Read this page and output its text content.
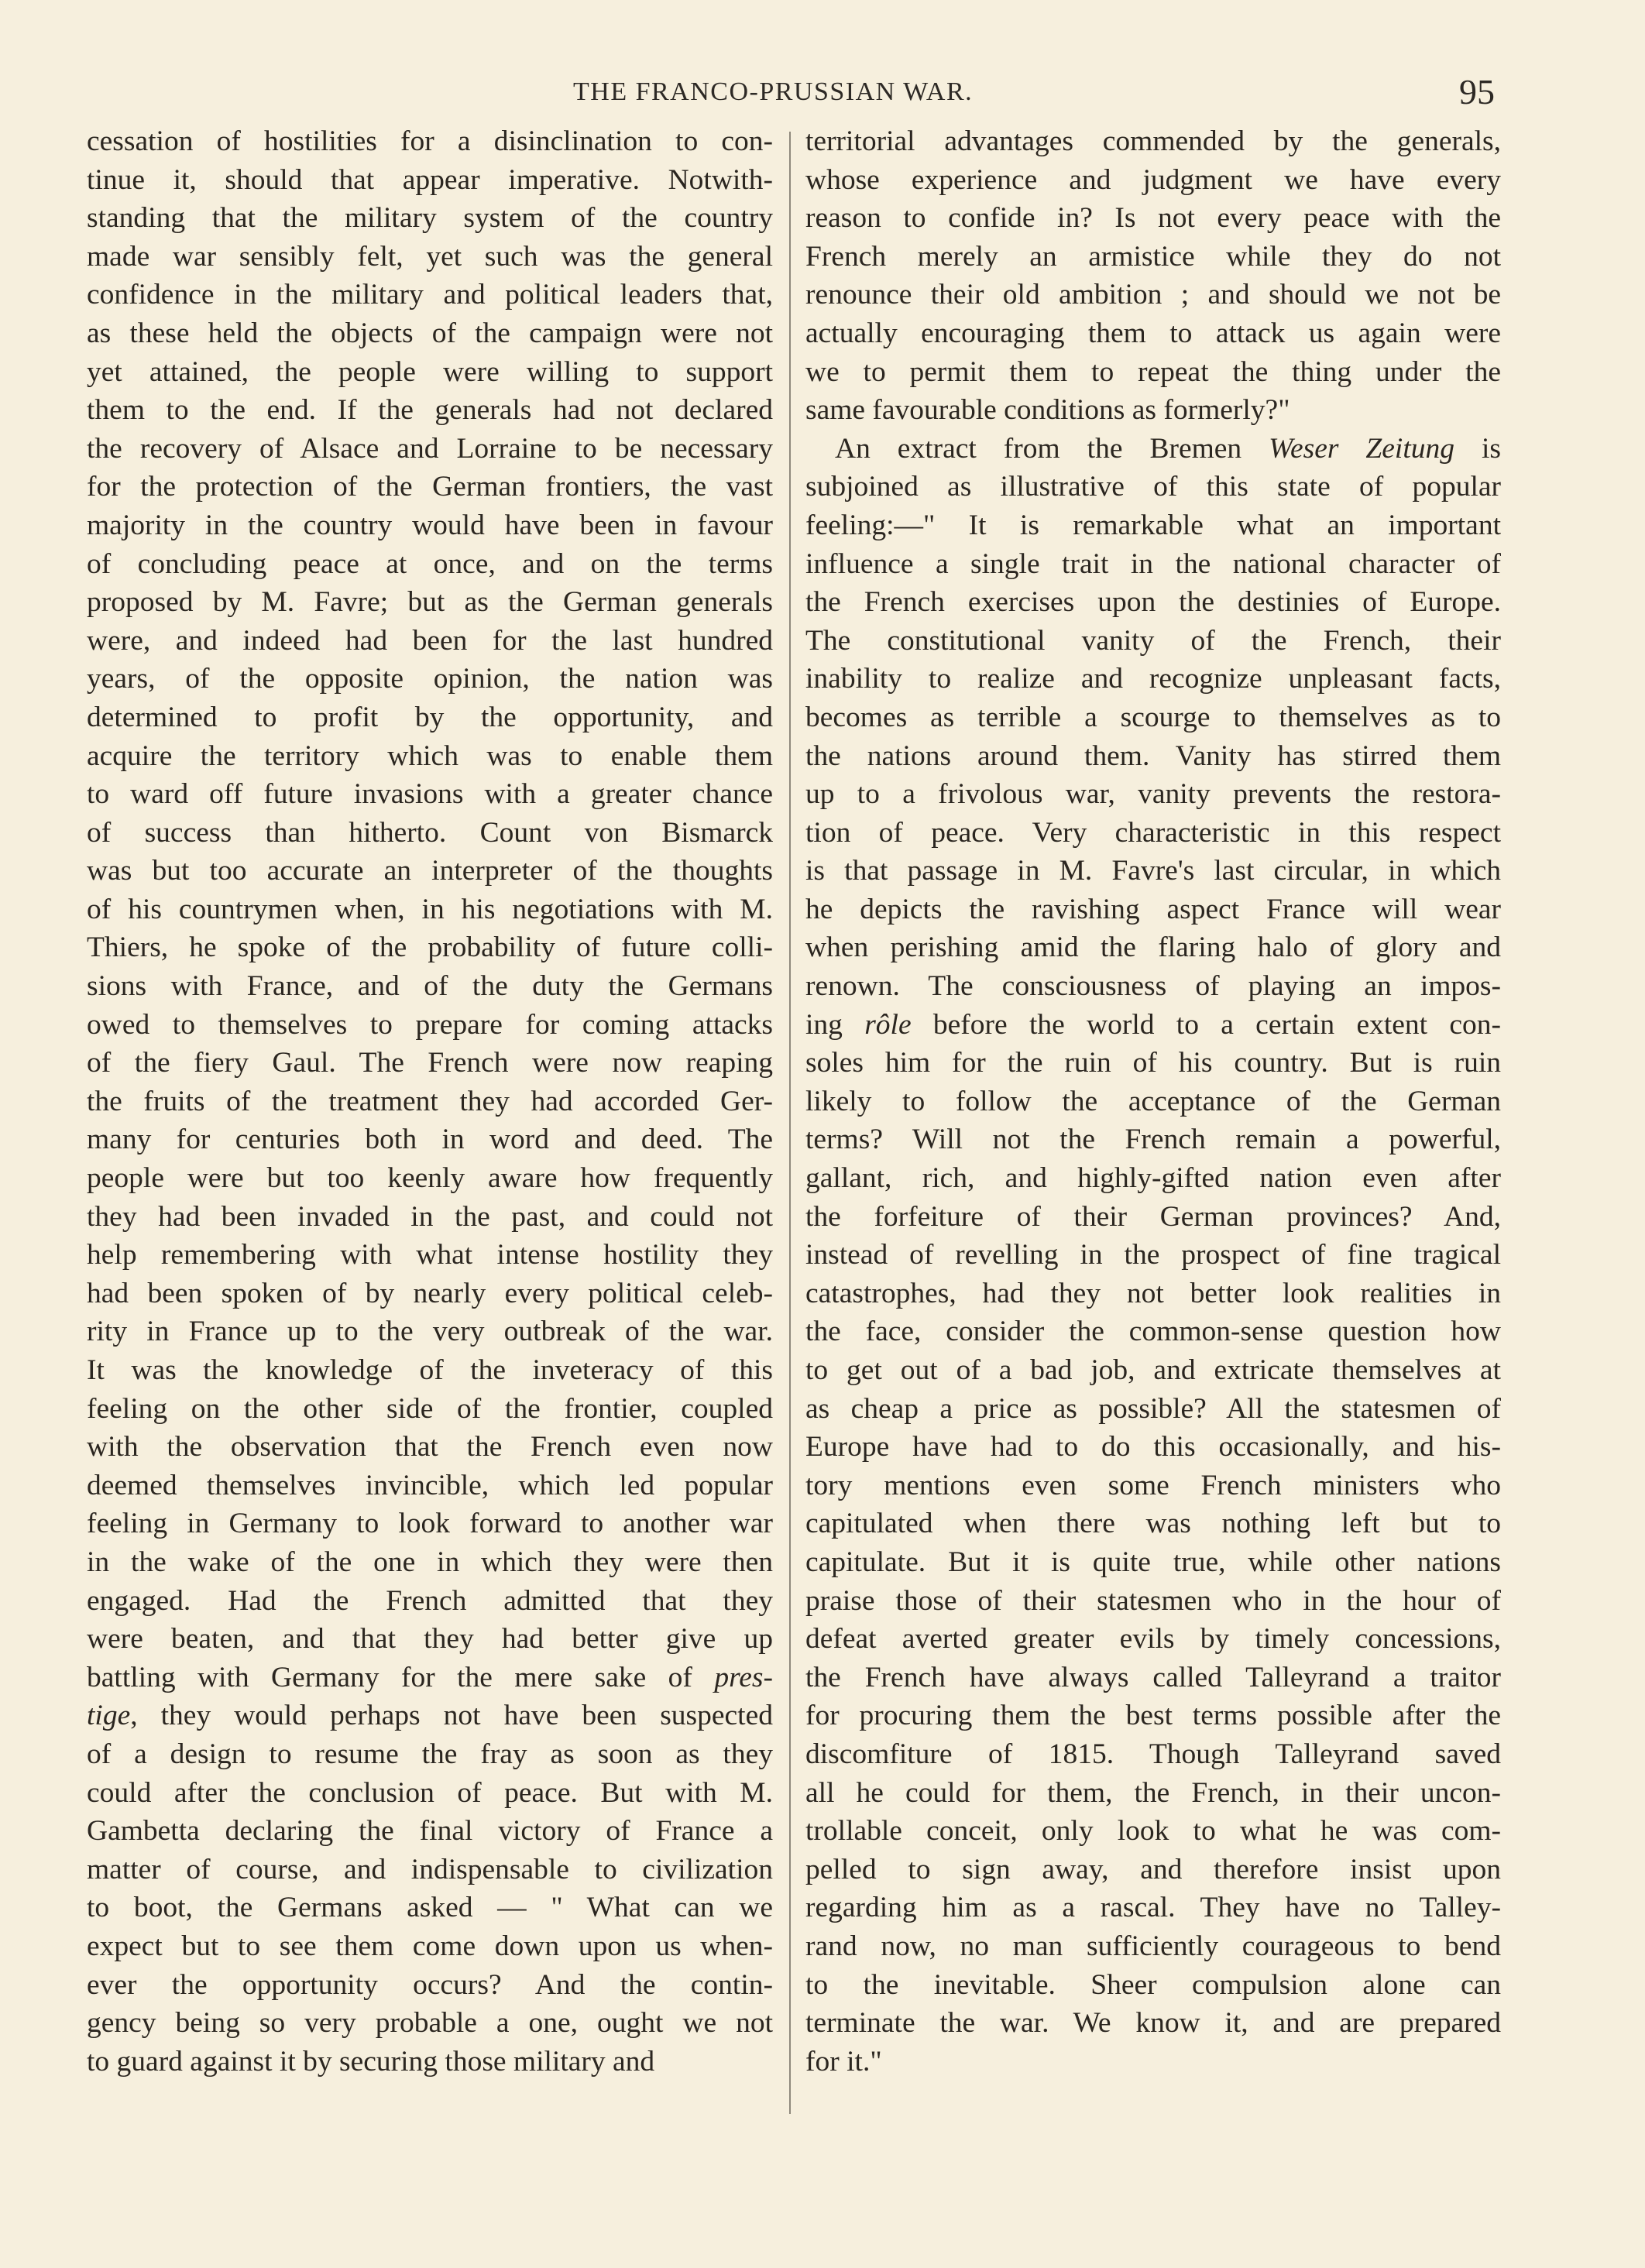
THE FRANCO-PRUSSIAN WAR.	95
cessation of hostilities for a disinclination to con-
tinue it, should that appear imperative. Notwith-
standing that the military system of the country
made war sensibly felt, yet such was the general
confidence in the military and political leaders that,
as these held the objects of the campaign were not
yet attained, the people were willing to support
them to the end. If the generals had not declared
the recovery of Alsace and Lorraine to be necessary
for the protection of the German frontiers, the vast
majority in the country would have been in favour
of concluding peace at once, and on the terms
proposed by M. Favre; but as the German generals
were, and indeed had been for the last hundred
years, of the opposite opinion, the nation was
determined to profit by the opportunity, and
acquire the territory which was to enable them
to ward off future invasions with a greater chance
of success than hitherto. Count von Bismarck
was but too accurate an interpreter of the thoughts
of his countrymen when, in his negotiations with M.
Thiers, he spoke of the probability of future colli-
sions with France, and of the duty the Germans
owed to themselves to prepare for coming attacks
of the fiery Gaul. The French were now reaping
the fruits of the treatment they had accorded Ger-
many for centuries both in word and deed. The
people were but too keenly aware how frequently
they had been invaded in the past, and could not
help remembering with what intense hostility they
had been spoken of by nearly every political celeb-
rity in France up to the very outbreak of the war.
It was the knowledge of the inveteracy of this
feeling on the other side of the frontier, coupled
with the observation that the French even now
deemed themselves invincible, which led popular
feeling in Germany to look forward to another war
in the wake of the one in which they were then
engaged. Had the French admitted that they
were beaten, and that they had better give up
battling with Germany for the mere sake of pres-
tige, they would perhaps not have been suspected
of a design to resume the fray as soon as they
could after the conclusion of peace. But with M.
Gambetta declaring the final victory of France a
matter of course, and indispensable to civilization
to boot, the Germans asked — " What can we
expect but to see them come down upon us when-
ever the opportunity occurs? And the contin-
gency being so very probable a one, ought we not
to guard against it by securing those military and
territorial advantages commended by the generals,
whose experience and judgment we have every
reason to confide in? Is not every peace with the
French merely an armistice while they do not
renounce their old ambition ; and should we not be
actually encouraging them to attack us again were
we to permit them to repeat the thing under the
same favourable conditions as formerly?"
An extract from the Bremen Weser Zeitung is
subjoined as illustrative of this state of popular
feeling:—" It is remarkable what an important
influence a single trait in the national character of
the French exercises upon the destinies of Europe.
The constitutional vanity of the French, their
inability to realize and recognize unpleasant facts,
becomes as terrible a scourge to themselves as to
the nations around them. Vanity has stirred them
up to a frivolous war, vanity prevents the restora-
tion of peace. Very characteristic in this respect
is that passage in M. Favre's last circular, in which
he depicts the ravishing aspect France will wear
when perishing amid the flaring halo of glory and
renown. The consciousness of playing an impos-
ing rôle before the world to a certain extent con-
soles him for the ruin of his country. But is ruin
likely to follow the acceptance of the German
terms? Will not the French remain a powerful,
gallant, rich, and highly-gifted nation even after
the forfeiture of their German provinces? And,
instead of revelling in the prospect of fine tragical
catastrophes, had they not better look realities in
the face, consider the common-sense question how
to get out of a bad job, and extricate themselves at
as cheap a price as possible? All the statesmen of
Europe have had to do this occasionally, and his-
tory mentions even some French ministers who
capitulated when there was nothing left but to
capitulate. But it is quite true, while other nations
praise those of their statesmen who in the hour of
defeat averted greater evils by timely concessions,
the French have always called Talleyrand a traitor
for procuring them the best terms possible after the
discomfiture of 1815. Though Talleyrand saved
all he could for them, the French, in their uncon-
trollable conceit, only look to what he was com-
pelled to sign away, and therefore insist upon
regarding him as a rascal. They have no Talley-
rand now, no man sufficiently courageous to bend
to the inevitable. Sheer compulsion alone can
terminate the war. We know it, and are prepared
for it."
